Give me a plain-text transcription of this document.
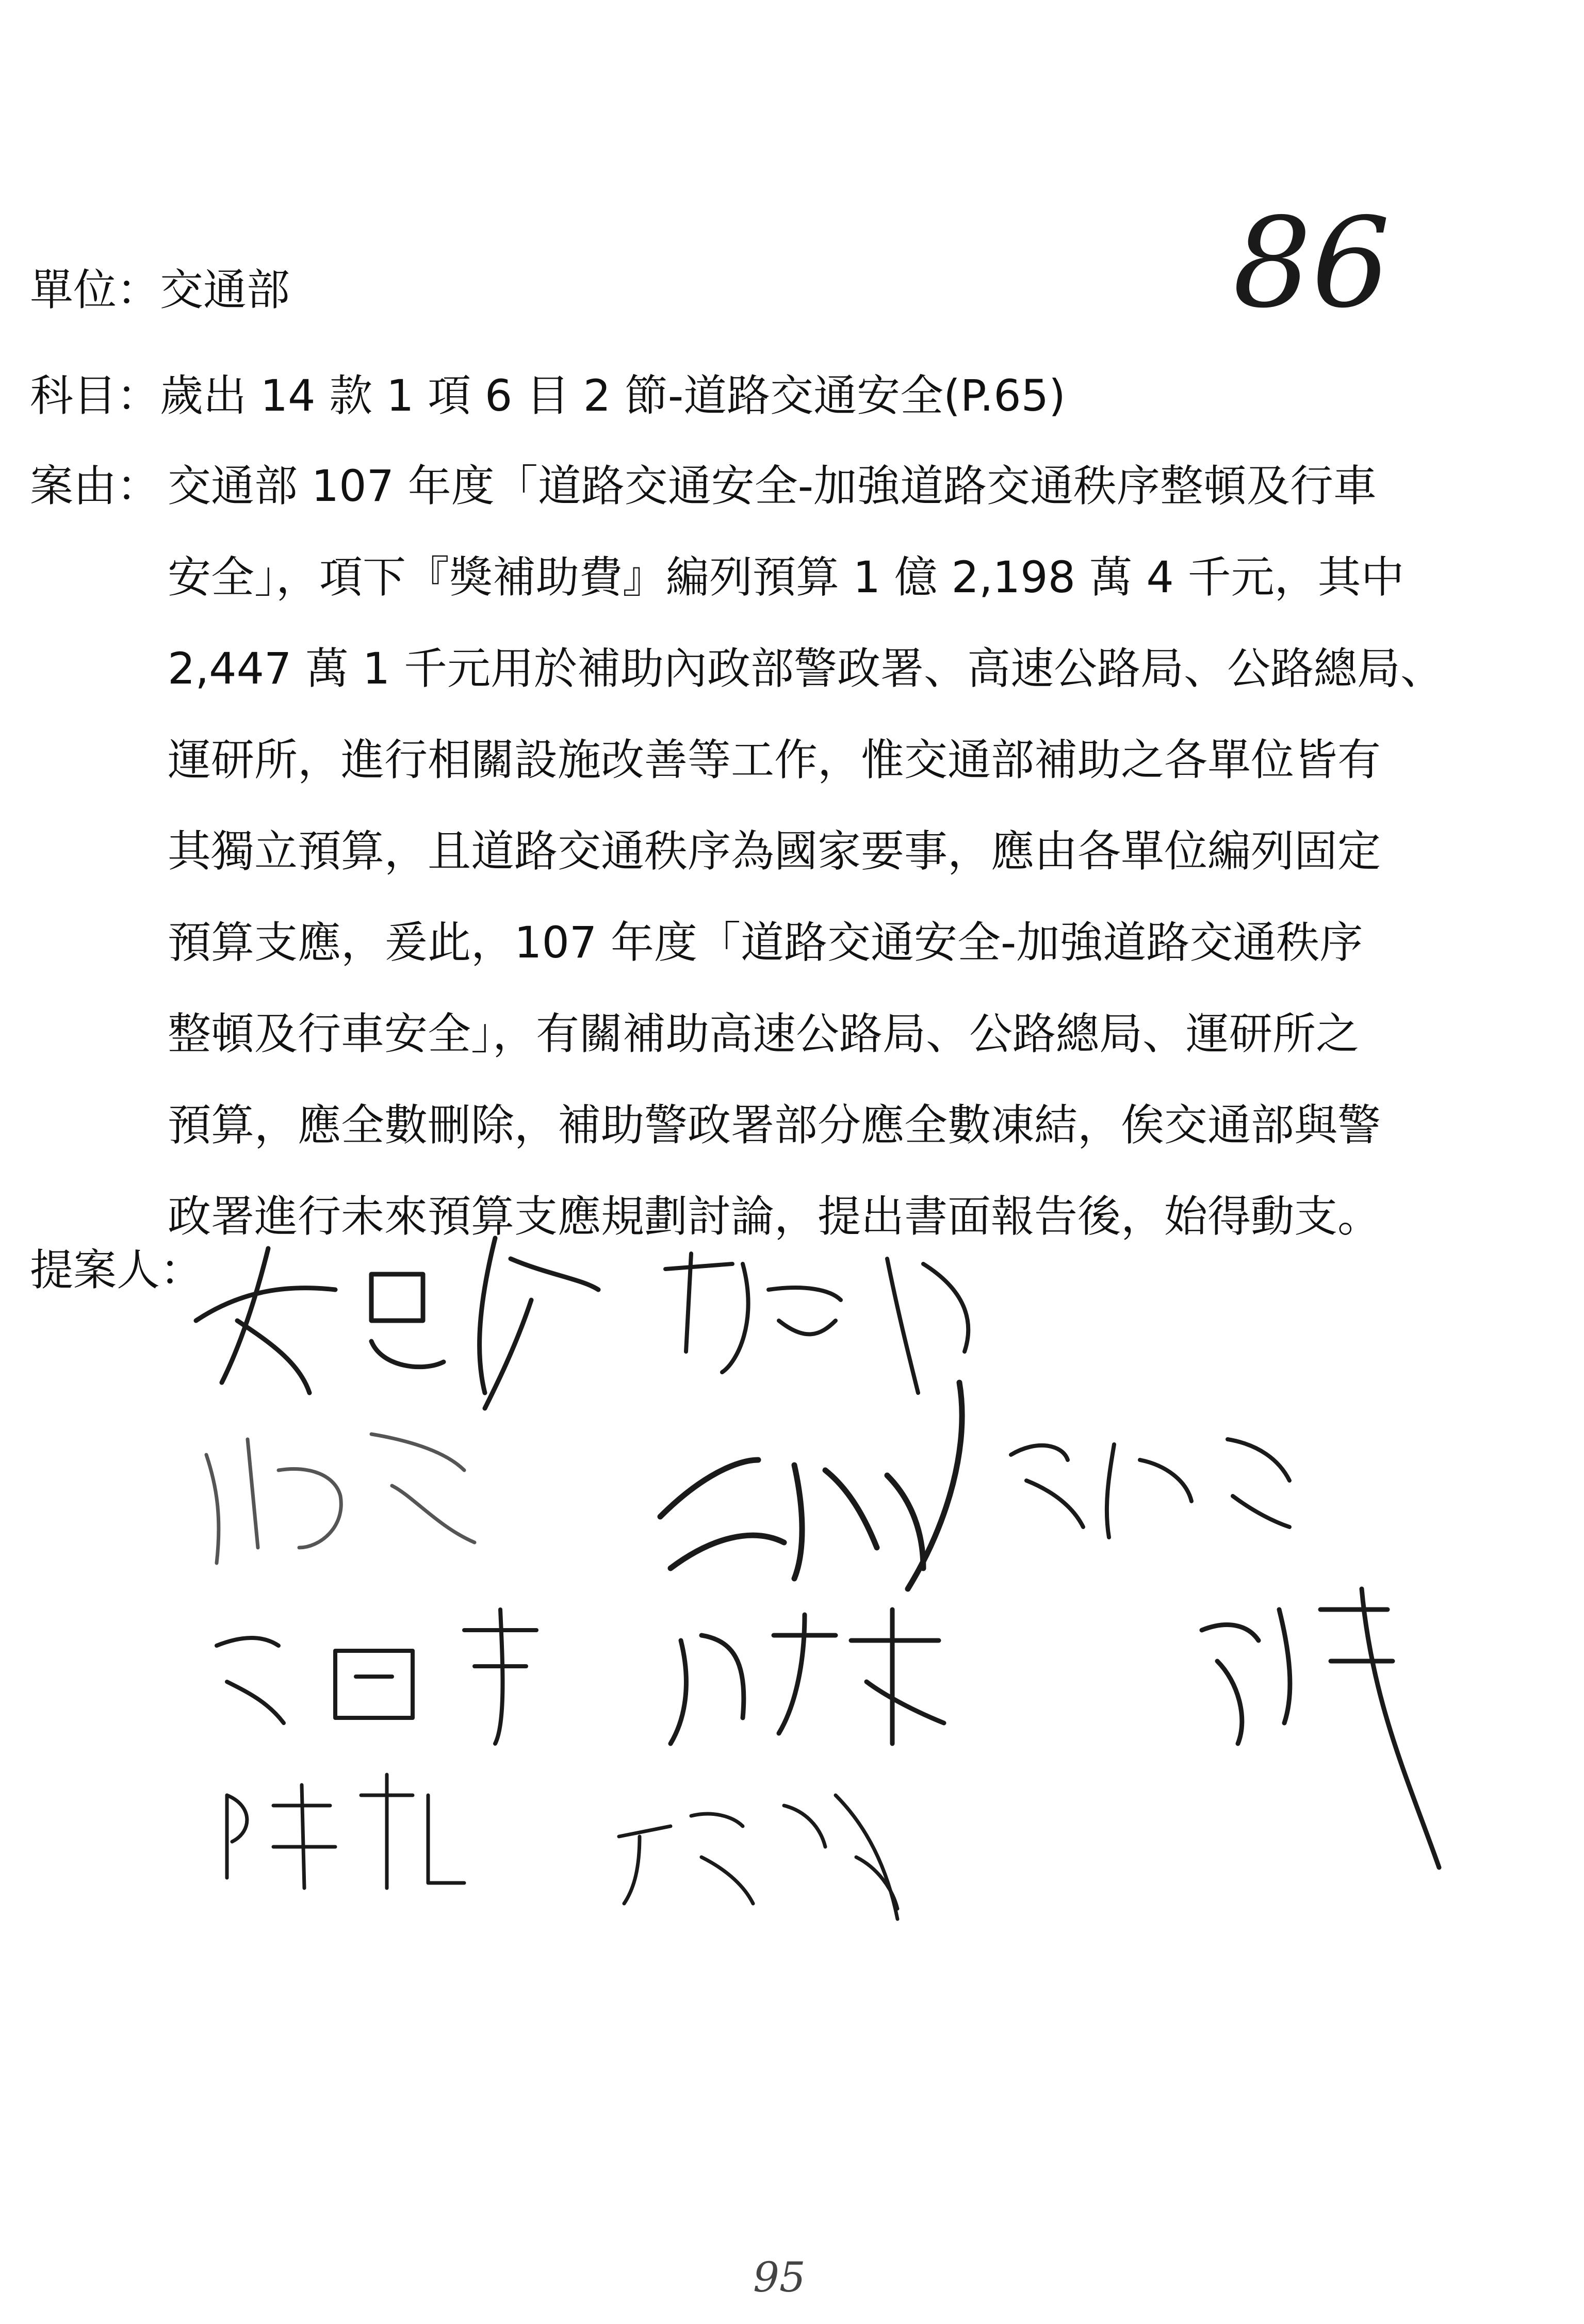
86
單位：交通部
科目：歲出 14 款 1 項 6 目 2 節-道路交通安全(P.65)
案由： 交通部 107 年度「道路交通安全-加強道路交通秩序整頓及行車
安全」，項下『獎補助費』編列預算 1 億 2,198 萬 4 千元，其中
2,447 萬 1 千元用於補助內政部警政署、高速公路局、公路總局、
運研所，進行相關設施改善等工作，惟交通部補助之各單位皆有
其獨立預算，且道路交通秩序為國家要事，應由各單位編列固定
預算支應，爰此，107 年度「道路交通安全-加強道路交通秩序
整頓及行車安全」，有關補助高速公路局、公路總局、運研所之
預算，應全數刪除，補助警政署部分應全數凍結，俟交通部與警
政署進行未來預算支應規劃討論，提出書面報告後，始得動支。
提案人：
95
